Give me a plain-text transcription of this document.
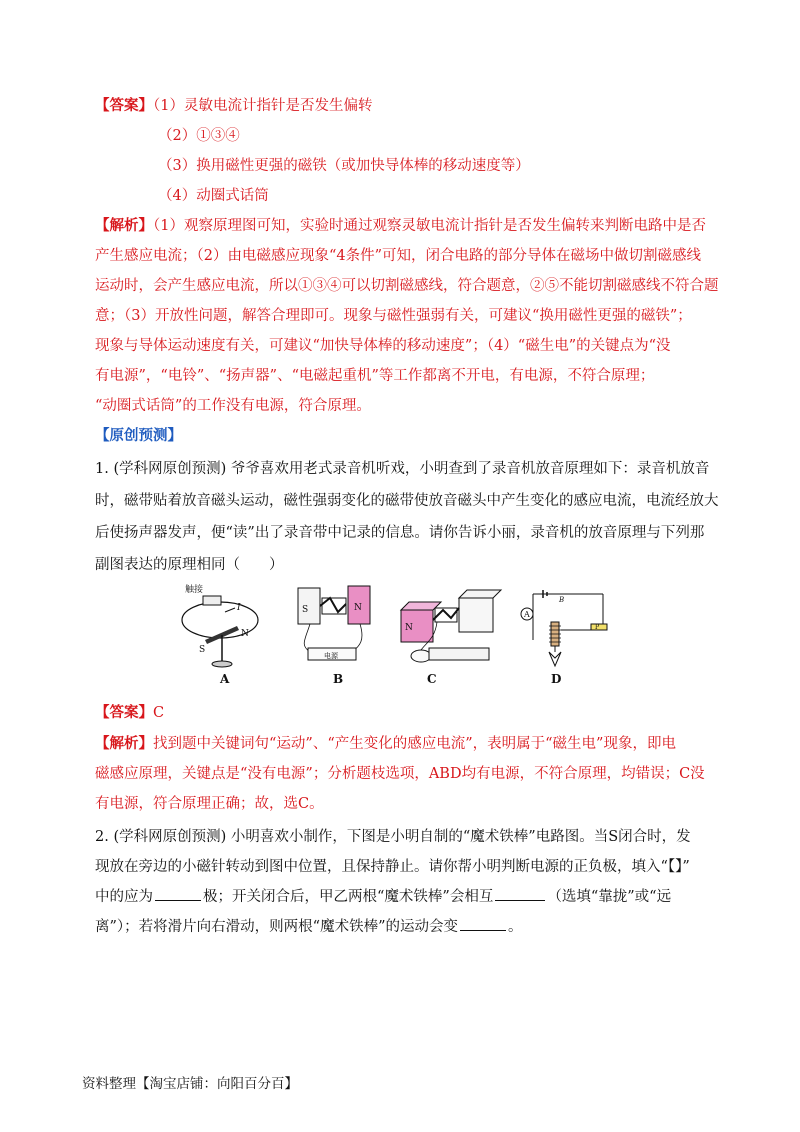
【答案】（1）灵敏电流计指针是否发生偏转
（2）①③④
（3）换用磁性更强的磁铁（或加快导体棒的移动速度等）
（4）动圈式话筒
【解析】（1）观察原理图可知，实验时通过观察灵敏电流计指针是否发生偏转来判断电路中是否
产生感应电流；（2）由电磁感应现象“4条件”可知，闭合电路的部分导体在磁场中做切割磁感线
运动时，会产生感应电流，所以①③④可以切割磁感线，符合题意，②⑤不能切割磁感线不符合题
意；（3）开放性问题，解答合理即可。现象与磁性强弱有关，可建议“换用磁性更强的磁铁”；
现象与导体运动速度有关，可建议“加快导体棒的移动速度”；（4）“磁生电”的关键点为“没
有电源”，“电铃”、“扬声器”、“电磁起重机”等工作都离不开电，有电源，不符合原理；
“动圈式话筒”的工作没有电源，符合原理。
【原创预测】
1. (学科网原创预测) 爷爷喜欢用老式录音机听戏，小明查到了录音机放音原理如下：录音机放音
时，磁带贴着放音磁头运动，磁性强弱变化的磁带使放音磁头中产生变化的感应电流，电流经放大
后使扬声器发声，便“读”出了录音带中记录的信息。请你告诉小丽，录音机的放音原理与下列那
副图表达的原理相同（　　）
触接
I
S
N
A
S	N
电源
B
N
C
A
B
P
D
【答案】C
【解析】找到题中关键词句“运动”、“产生变化的感应电流”，表明属于“磁生电”现象，即电
磁感应原理，关键点是“没有电源”；分析题枝选项，ABD均有电源，不符合原理，均错误；C没
有电源，符合原理正确；故，选C。
2. (学科网原创预测) 小明喜欢小制作，下图是小明自制的“魔术铁棒”电路图。当S闭合时，发
现放在旁边的小磁针转动到图中位置，且保持静止。请你帮小明判断电源的正负极，填入“【】”
中的应为	极；开关闭合后，甲乙两根“魔术铁棒”会相互	（选填“靠拢”或“远
离”）；若将滑片向右滑动，则两根“魔术铁棒”的运动会变	。
资料整理【淘宝店铺：向阳百分百】
